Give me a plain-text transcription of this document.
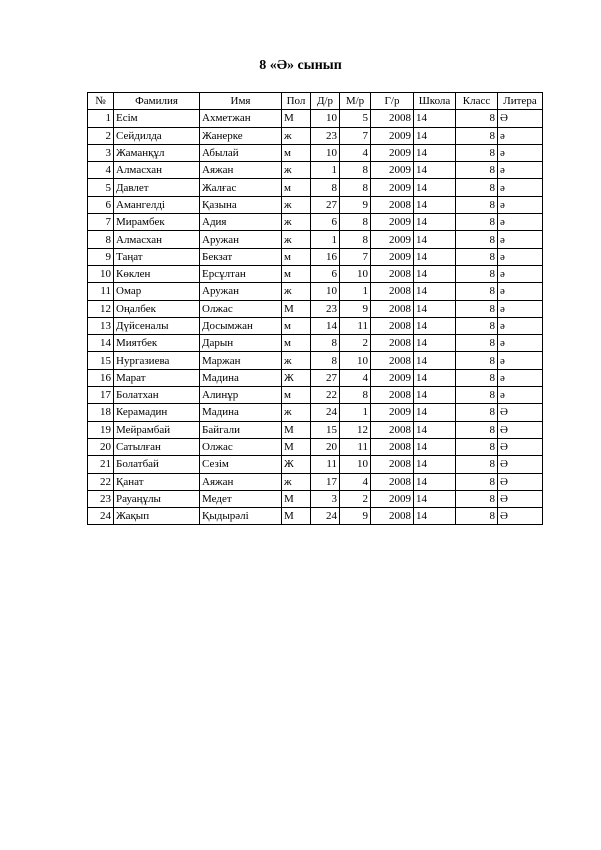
8 «Ә» сынып
№	Фамилия	Имя	Пол	Д/р	М/р	Г/р	Школа	Класс	Литера
1	Есім	Ахметжан	М	10	5	2008	14	8	Ә
2	Сейдилда	Жанерке	ж	23	7	2009	14	8	ә
3	Жаманқұл	Абылай	м	10	4	2009	14	8	ә
4	Алмасхан	Аяжан	ж	1	8	2009	14	8	ә
5	Давлет	Жалғас	м	8	8	2009	14	8	ә
6	Амангелді	Қазына	ж	27	9	2008	14	8	ә
7	Мирамбек	Адия	ж	6	8	2009	14	8	ә
8	Алмасхан	Аружан	ж	1	8	2009	14	8	ә
9	Таңат	Бекзат	м	16	7	2009	14	8	ә
10	Көклен	Ерсұлтан	м	6	10	2008	14	8	ә
11	Омар	Аружан	ж	10	1	2008	14	8	ә
12	Оңалбек	Олжас	М	23	9	2008	14	8	ә
13	Дүйсеналы	Досымжан	м	14	11	2008	14	8	ә
14	Миятбек	Дарын	м	8	2	2008	14	8	ә
15	Нургазиева	Маржан	ж	8	10	2008	14	8	ә
16	Марат	Мадина	Ж	27	4	2009	14	8	ә
17	Болатхан	Алинұр	м	22	8	2008	14	8	ә
18	Керамадин	Мадина	ж	24	1	2009	14	8	Ә
19	Мейрамбай	Байгали	М	15	12	2008	14	8	Ә
20	Сатылған	Олжас	М	20	11	2008	14	8	Ә
21	Болатбай	Сезім	Ж	11	10	2008	14	8	Ә
22	Қанат	Аяжан	ж	17	4	2008	14	8	Ә
23	Рауаңұлы	Медет	М	3	2	2009	14	8	Ә
24	Жақып	Қыдырәлі	М	24	9	2008	14	8	Ә
